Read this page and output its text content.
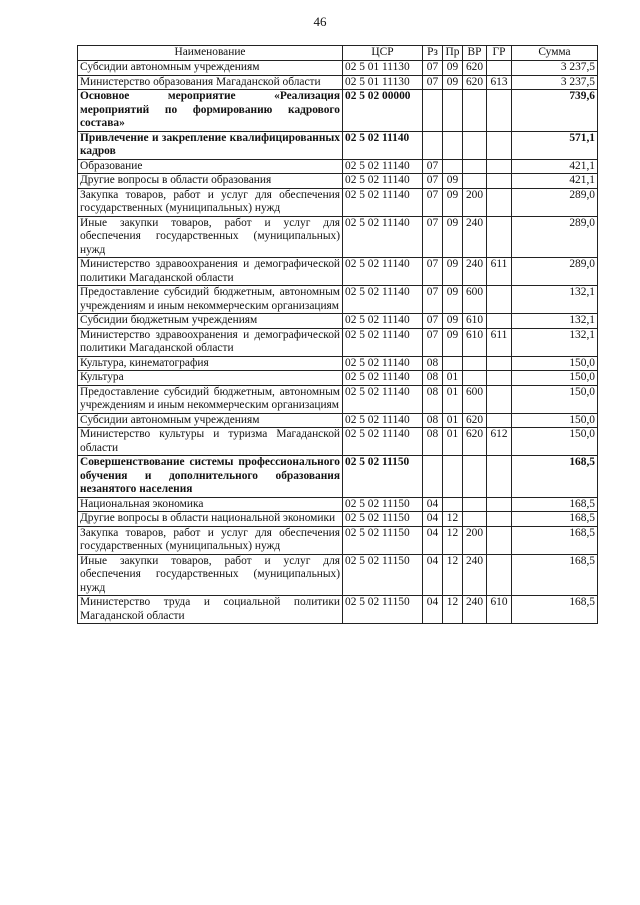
46
Наименование	ЦСР	Рз	Пр	ВР	ГР	Сумма
Субсидии автономным учреждениям	02 5 01 11130	07	09	620		3 237,5
Министерство образования Магаданской области	02 5 01 11130	07	09	620	613	3 237,5
Основное мероприятие «Реализация мероприятий по формированию кадрового состава»	02 5 02 00000					739,6
Привлечение и закрепление квалифицированных кадров	02 5 02 11140					571,1
Образование	02 5 02 11140	07				421,1
Другие вопросы в области образования	02 5 02 11140	07	09			421,1
Закупка товаров, работ и услуг для обеспечения государственных (муниципальных) нужд	02 5 02 11140	07	09	200		289,0
Иные закупки товаров, работ и услуг для обеспечения государственных (муниципальных) нужд	02 5 02 11140	07	09	240		289,0
Министерство здравоохранения и демографической политики Магаданской области	02 5 02 11140	07	09	240	611	289,0
Предоставление субсидий бюджетным, автономным учреждениям и иным некоммерческим организациям	02 5 02 11140	07	09	600		132,1
Субсидии бюджетным учреждениям	02 5 02 11140	07	09	610		132,1
Министерство здравоохранения и демографической политики Магаданской области	02 5 02 11140	07	09	610	611	132,1
Культура, кинематография	02 5 02 11140	08				150,0
Культура	02 5 02 11140	08	01			150,0
Предоставление субсидий бюджетным, автономным учреждениям и иным некоммерческим организациям	02 5 02 11140	08	01	600		150,0
Субсидии автономным учреждениям	02 5 02 11140	08	01	620		150,0
Министерство культуры и туризма Магаданской области	02 5 02 11140	08	01	620	612	150,0
Совершенствование системы профессионального обучения и дополнительного образования незанятого населения	02 5 02 11150					168,5
Национальная экономика	02 5 02 11150	04				168,5
Другие вопросы в области национальной экономики	02 5 02 11150	04	12			168,5
Закупка товаров, работ и услуг для обеспечения государственных (муниципальных) нужд	02 5 02 11150	04	12	200		168,5
Иные закупки товаров, работ и услуг для обеспечения государственных (муниципальных) нужд	02 5 02 11150	04	12	240		168,5
Министерство труда и социальной политики Магаданской области	02 5 02 11150	04	12	240	610	168,5
